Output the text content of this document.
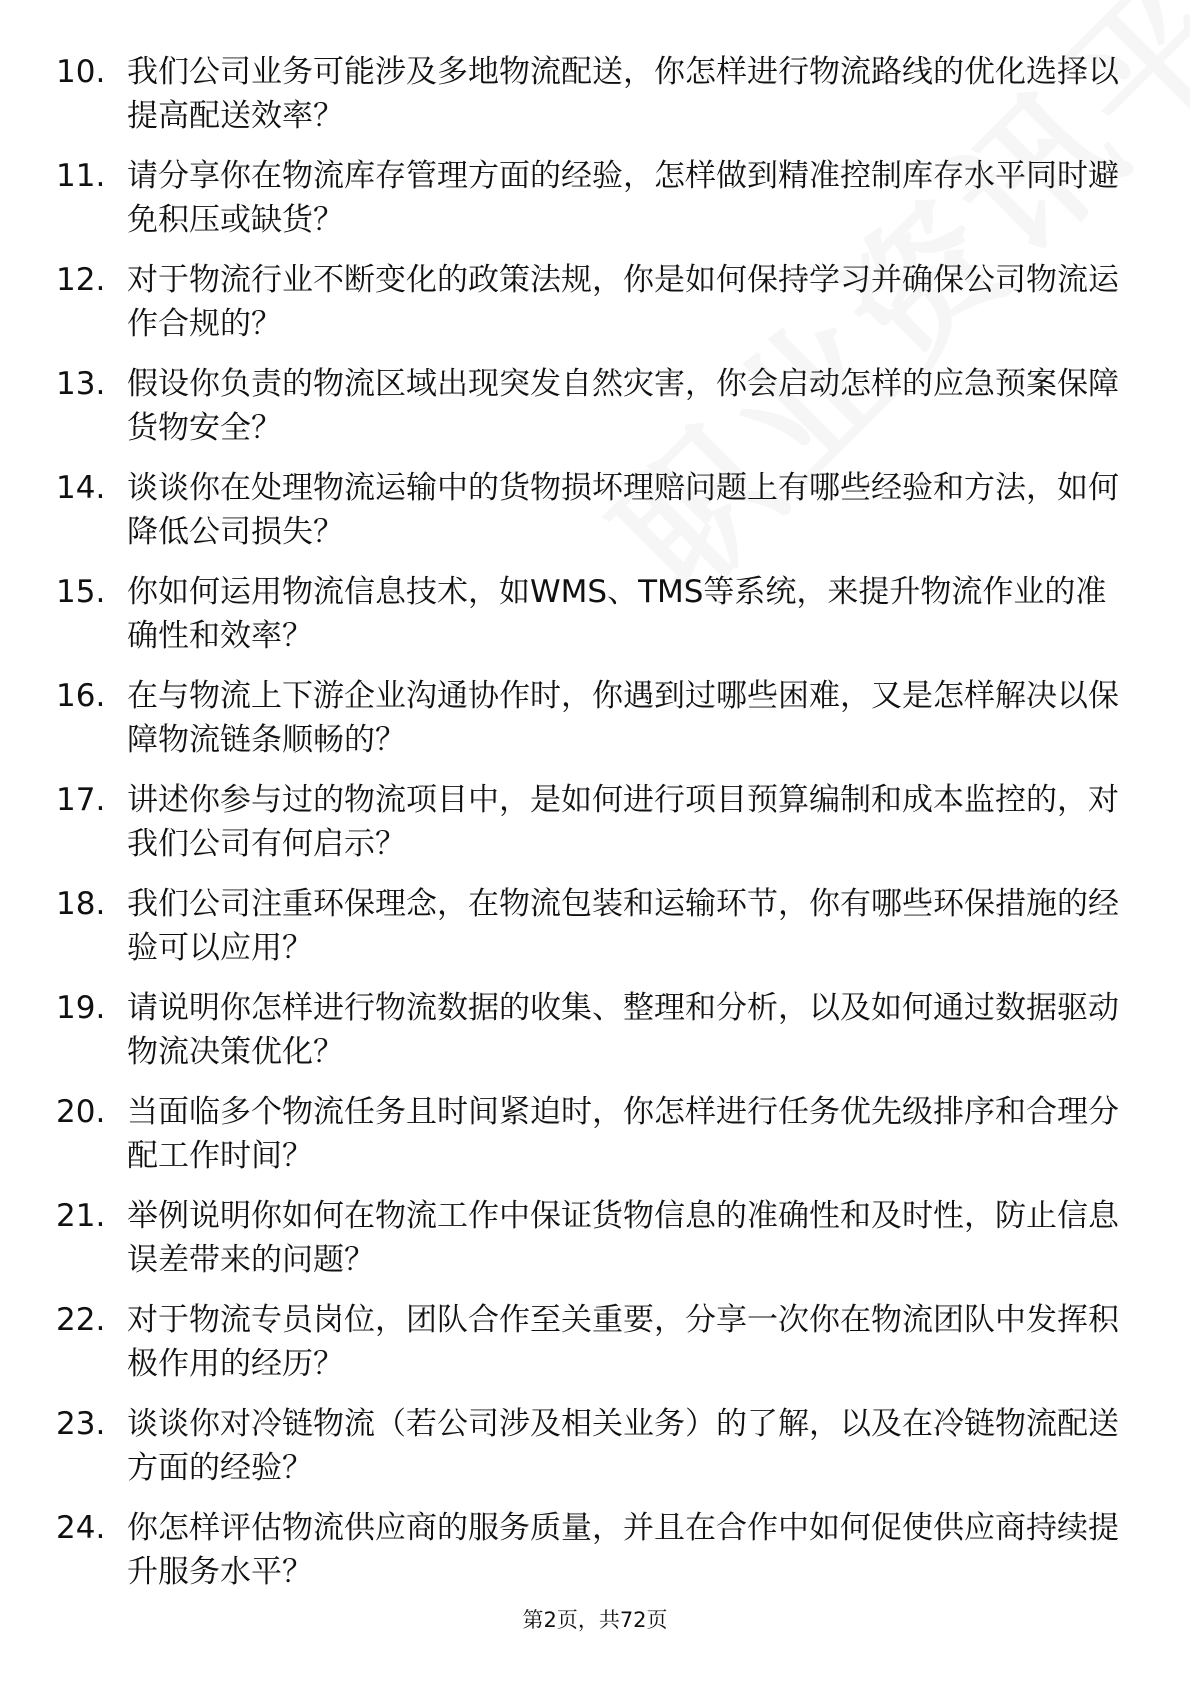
10. 我们公司业务可能涉及多地物流配送，你怎样进行物流路线的优化选择以提高配送效率？
11. 请分享你在物流库存管理方面的经验，怎样做到精准控制库存水平同时避免积压或缺货？
12. 对于物流行业不断变化的政策法规，你是如何保持学习并确保公司物流运作合规的？
13. 假设你负责的物流区域出现突发自然灾害，你会启动怎样的应急预案保障货物安全？
14. 谈谈你在处理物流运输中的货物损坏理赔问题上有哪些经验和方法，如何降低公司损失？
15. 你如何运用物流信息技术，如WMS、TMS等系统，来提升物流作业的准确性和效率？
16. 在与物流上下游企业沟通协作时，你遇到过哪些困难，又是怎样解决以保障物流链条顺畅的？
17. 讲述你参与过的物流项目中，是如何进行项目预算编制和成本监控的，对我们公司有何启示？
18. 我们公司注重环保理念，在物流包装和运输环节，你有哪些环保措施的经验可以应用？
19. 请说明你怎样进行物流数据的收集、整理和分析，以及如何通过数据驱动物流决策优化？
20. 当面临多个物流任务且时间紧迫时，你怎样进行任务优先级排序和合理分配工作时间？
21. 举例说明你如何在物流工作中保证货物信息的准确性和及时性，防止信息误差带来的问题？
22. 对于物流专员岗位，团队合作至关重要，分享一次你在物流团队中发挥积极作用的经历？
23. 谈谈你对冷链物流（若公司涉及相关业务）的了解，以及在冷链物流配送方面的经验？
24. 你怎样评估物流供应商的服务质量，并且在合作中如何促使供应商持续提升服务水平？
第2页，共72页
